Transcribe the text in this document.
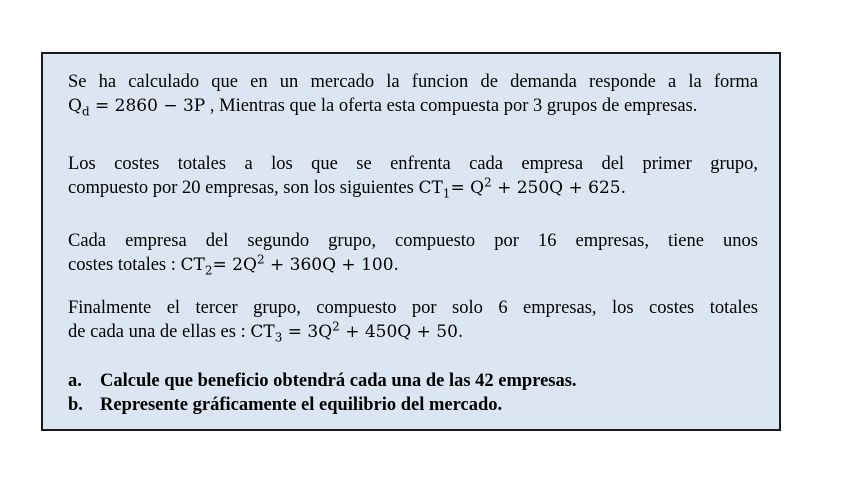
Se ha calculado que en un mercado la funcion de demanda responde a la forma
$Q_d = 2860 - 3P$ , Mientras que la oferta esta compuesta por 3 grupos de empresas.
Los costes totales a los que se enfrenta cada empresa del primer grupo,
compuesto por 20 empresas, son los siguientes $CT_1= Q^2 + 250Q + 625$.
Cada empresa del segundo grupo, compuesto por 16 empresas, tiene unos
costes totales : $CT_2= 2Q^2 + 360Q + 100$.
Finalmente el tercer grupo, compuesto por solo 6 empresas, los costes totales
de cada una de ellas es : $CT_3 = 3Q^2 + 450Q + 50$.
a. Calcule que beneficio obtendrá cada una de las 42 empresas.
b. Represente gráficamente el equilibrio del mercado.
